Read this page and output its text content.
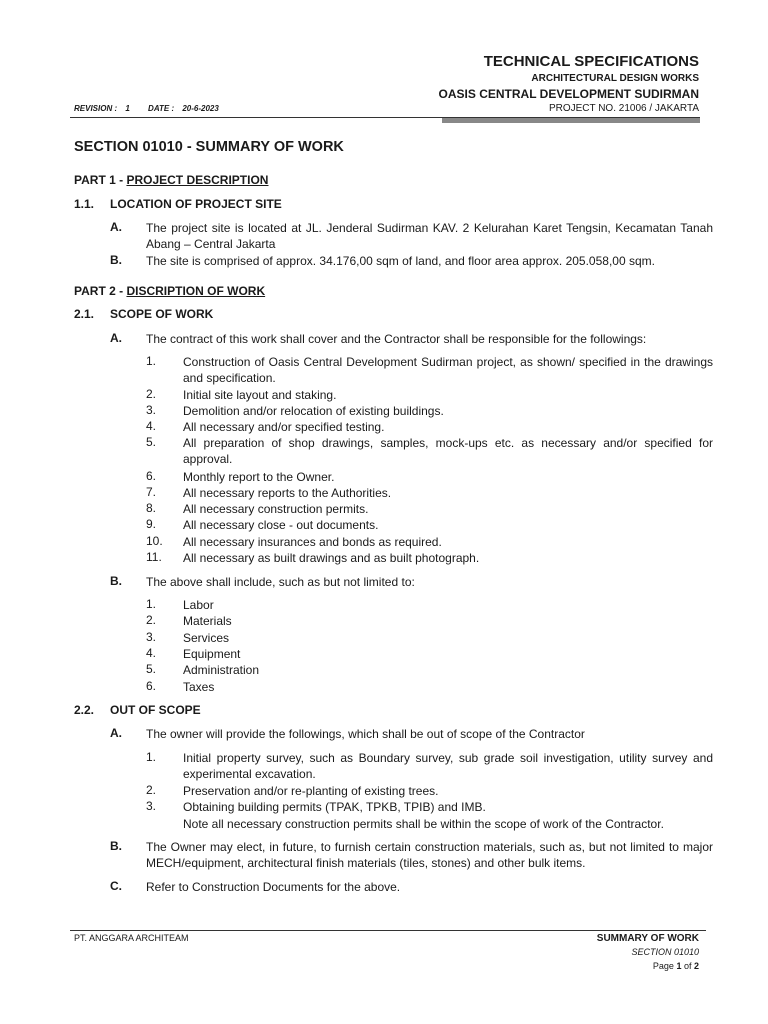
TECHNICAL SPECIFICATIONS
ARCHITECTURAL DESIGN WORKS
OASIS CENTRAL DEVELOPMENT SUDIRMAN
REVISION : 1 DATE : 20-6-2023	PROJECT NO. 21006 / JAKARTA
SECTION 01010 - SUMMARY OF WORK
PART 1 - PROJECT DESCRIPTION
1.1. LOCATION OF PROJECT SITE
A. The project site is located at JL. Jenderal Sudirman KAV. 2 Kelurahan Karet Tengsin, Kecamatan Tanah Abang – Central Jakarta
B. The site is comprised of approx. 34.176,00 sqm of land, and floor area approx. 205.058,00 sqm.
PART 2 - DISCRIPTION OF WORK
2.1. SCOPE OF WORK
A. The contract of this work shall cover and the Contractor shall be responsible for the followings:
1. Construction of Oasis Central Development Sudirman project, as shown/ specified in the drawings and specification.
2. Initial site layout and staking.
3. Demolition and/or relocation of existing buildings.
4. All necessary and/or specified testing.
5. All preparation of shop drawings, samples, mock-ups etc. as necessary and/or specified for approval.
6. Monthly report to the Owner.
7. All necessary reports to the Authorities.
8. All necessary construction permits.
9. All necessary close - out documents.
10. All necessary insurances and bonds as required.
11. All necessary as built drawings and as built photograph.
B. The above shall include, such as but not limited to:
1. Labor
2. Materials
3. Services
4. Equipment
5. Administration
6. Taxes
2.2. OUT OF SCOPE
A. The owner will provide the followings, which shall be out of scope of the Contractor
1. Initial property survey, such as Boundary survey, sub grade soil investigation, utility survey and experimental excavation.
2. Preservation and/or re-planting of existing trees.
3. Obtaining building permits (TPAK, TPKB, TPIB) and IMB.
Note all necessary construction permits shall be within the scope of work of the Contractor.
B. The Owner may elect, in future, to furnish certain construction materials, such as, but not limited to major MECH/equipment, architectural finish materials (tiles, stones) and other bulk items.
C. Refer to Construction Documents for the above.
PT. ANGGARA ARCHITEAM	SUMMARY OF WORK
SECTION 01010
Page 1 of 2
